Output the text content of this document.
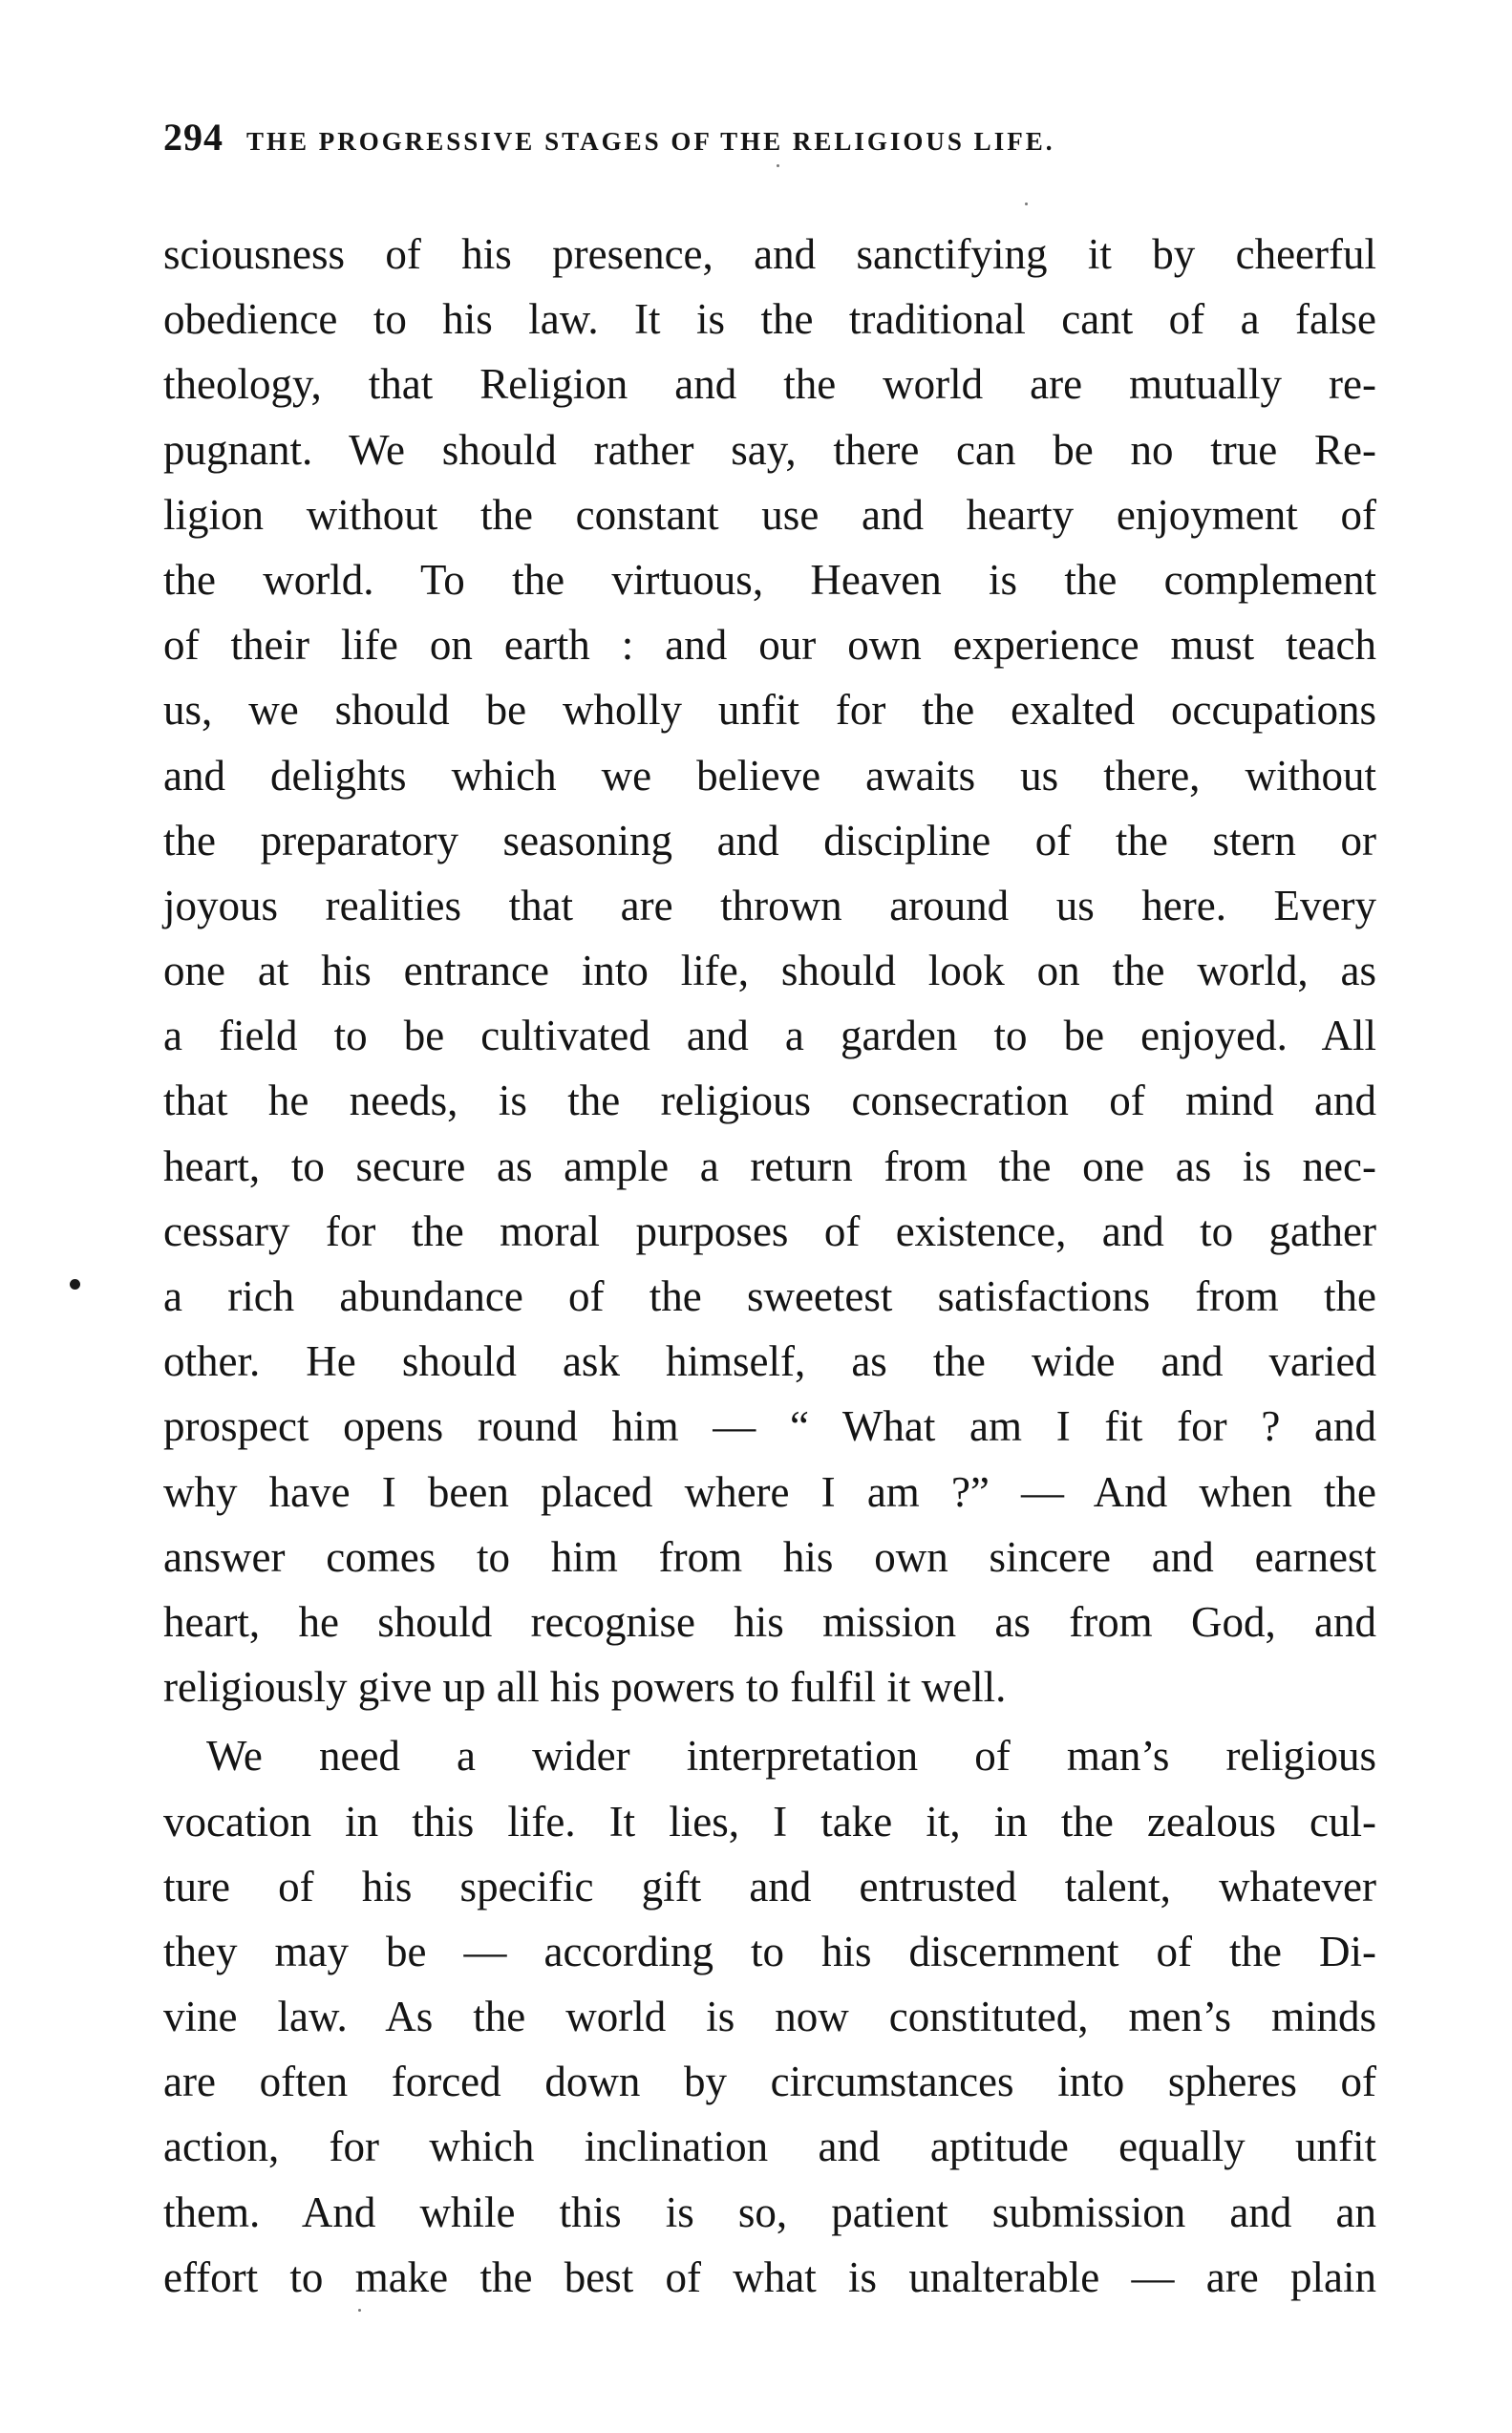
294 THE PROGRESSIVE STAGES OF THE RELIGIOUS LIFE.
sciousness of his presence, and sanctifying it by cheerful
obedience to his law. It is the traditional cant of a false
theology, that Religion and the world are mutually re-
pugnant. We should rather say, there can be no true Re-
ligion without the constant use and hearty enjoyment of
the world. To the virtuous, Heaven is the complement
of their life on earth : and our own experience must teach
us, we should be wholly unfit for the exalted occupations
and delights which we believe awaits us there, without
the preparatory seasoning and discipline of the stern or
joyous realities that are thrown around us here. Every
one at his entrance into life, should look on the world, as
a field to be cultivated and a garden to be enjoyed. All
that he needs, is the religious consecration of mind and
heart, to secure as ample a return from the one as is nec-
cessary for the moral purposes of existence, and to gather
a rich abundance of the sweetest satisfactions from the
other. He should ask himself, as the wide and varied
prospect opens round him — “ What am I fit for ? and
why have I been placed where I am ?” — And when the
answer comes to him from his own sincere and earnest
heart, he should recognise his mission as from God, and
religiously give up all his powers to fulfil it well.
We need a wider interpretation of man’s religious
vocation in this life. It lies, I take it, in the zealous cul-
ture of his specific gift and entrusted talent, whatever
they may be — according to his discernment of the Di-
vine law. As the world is now constituted, men’s minds
are often forced down by circumstances into spheres of
action, for which inclination and aptitude equally unfit
them. And while this is so, patient submission and an
effort to make the best of what is unalterable — are plain
